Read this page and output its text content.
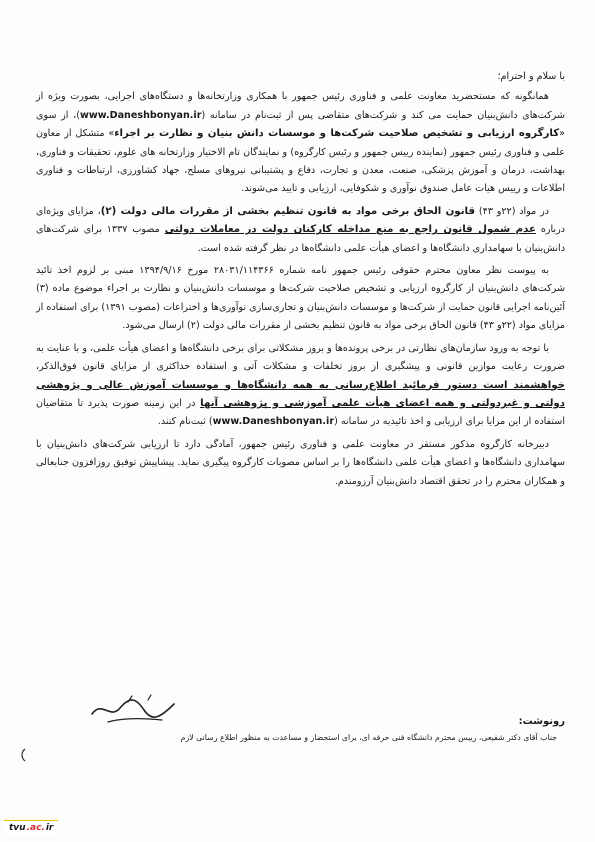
با سلام و احترام؛

همانگونه که مستحضرید معاونت علمی و فناوری رئیس جمهور با همکاری وزارتخانه‌ها و دستگاه‌های اجرایی، بصورت ویژه از شرکت‌های دانش‌بنیان حمایت می کند و شرکت‌های متقاضی پس از ثبت‌نام در سامانه (www.Daneshbonyan.ir)، از سوی «کارگروه ارزیابی و تشخیص صلاحیت شرکت‌ها و موسسات دانش بنیان و نظارت بر اجراء» متشکل از معاون علمی و فناوری رئیس جمهور (نماینده رییس جمهور و رئیس کارگروه) و نمایندگان تام الاختیار وزارتخانه های علوم، تحقیقات و فناوری، بهداشت، درمان و آموزش پزشکی، صنعت، معدن و تجارت، دفاع و پشتیبانی نیروهای مسلح، جهاد کشاورزی، ارتباطات و فناوری اطلاعات و رییس هیات عامل صندوق نوآوری و شکوفایی، ارزیابی و تایید می‌شوند.

در مواد (۲۲و ۴۳) قانون الحاق برخی مواد به قانون تنظیم بخشی از مقررات مالی دولت (۲)، مزایای ویژه‌ای درباره عدم شمول قانون راجع به منع مداخله کارکنان دولت در معاملات دولتی مصوب ۱۳۳۷ برای شرکت‌های دانش‌بنیان با سهامداری دانشگاه‌ها و اعضای هیأت علمی دانشگاه‌ها در نظر گرفته شده است.

به پیوست نظر معاون محترم حقوقی رئیس جمهور نامه شماره ۲۸۰۳۱/۱۱۴۳۶۶ مورخ ۱۳۹۴/۹/۱۶ مبنی بر لزوم اخذ تائید شرکت‌های دانش‌بنیان از کارگروه ارزیابی و تشخیص صلاحیت شرکت‌ها و موسسات دانش‌بنیان و نظارت بر اجراء موضوع ماده (۳) آئین‌نامه اجرایی قانون حمایت از شرکت‌ها و موسسات دانش‌بنیان و تجاری‌سازی نوآوری‌ها و اختراعات (مصوب ۱۳۹۱) برای استفاده از مزایای مواد (۲۲و ۴۳) قانون الحاق برخی مواد به قانون تنظیم بخشی از مقررات مالی دولت (۲) ارسال می‌شود.

با توجه به ورود سازمان‌های نظارتی در برخی پرونده‌ها و بروز مشکلاتی برای برخی دانشگاه‌ها و اعضای هیأت علمی، و با عنایت به ضرورت رعایت موازین قانونی و پیشگیری از بروز تخلفات و مشکلات آتی و استفاده حداکثری از مزایای قانون فوق‌الذکر، خواهشمند است دستور فرمائید اطلاع‌رسانی به همه دانشگاه‌ها و موسسات آموزش عالی و پژوهشی دولتی و غیردولتی و همه اعضای هیأت علمی آموزشی و پژوهشی آنها در این زمینه صورت پذیرد تا متقاضیان استفاده از این مزایا برای ارزیابی و اخذ تائیدیه در سامانه (www.Daneshbonyan.ir) ثبت‌نام کنند.

دبیرخانه کارگروه مذکور مستقر در معاونت علمی و فناوری رئیس جمهور، آمادگی دارد تا ارزیابی شرکت‌های دانش‌بنیان با سهامداری دانشگاه‌ها و اعضای هیأت علمی دانشگاه‌ها را بر اساس مصوبات کارگروه پیگیری نماید. پیشاپیش توفیق روزافزون جنابعالی و همکاران محترم را در تحقق اقتصاد دانش‌بنیان آرزومندم.

رونوشت:

جناب آقای دکتر شفیعی، رییس محترم دانشگاه فنی حرفه ای، برای استحضار و مساعدت به منظور اطلاع رسانی لازم

tvu .ac. ir
